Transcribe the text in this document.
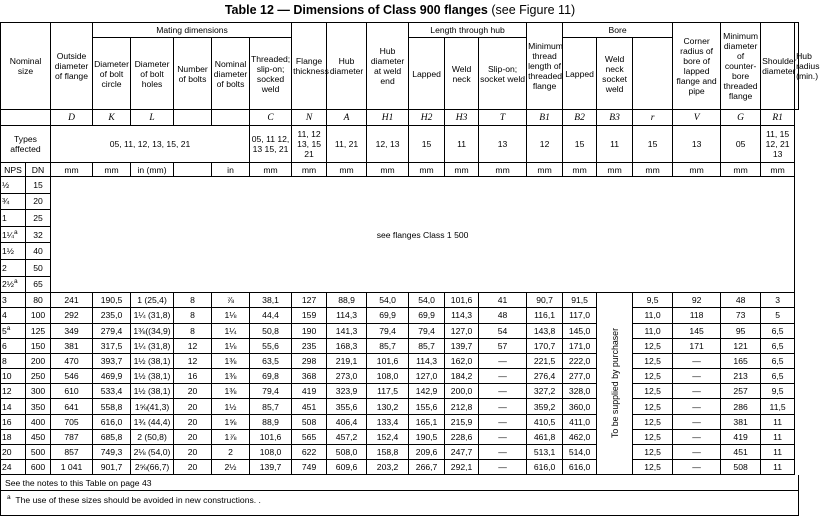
Table 12 — Dimensions of Class 900 flanges (see Figure 11)
Nominal size		Outside diameter of flange	Mating dimensions					Flange thickness	Hub diameter	Hub diameter at weld end	Length through hub			Minimum thread length of threaded flange	Bore			Corner radius of bore of lapped flange and pipe	Minimum diameter of counter-bore threaded flange	Shoulder diameter	Hub radius (min.)
			Diameter of bolt circle	Diameter of bolt holes	Number of bolts	Nominal diameter of bolts	Threaded; slip-on; socked weld				Lapped	Weld neck	Slip-on; socket weld		Lapped	Weld neck socket weld					
		D	K	L			C	N	A	H1	H2	H3	T	B1	B2	B3	r	V	G	R1	
Types affected		05, 11, 12, 13, 15, 21					05, 11 12, 13 15, 21	11, 12 13, 15 21	11, 21	12, 13	15	11	13	12	15	11	15	13	05	11, 15 12, 21 13	
NPS	DN	mm	mm	in (mm)		in	mm	mm	mm	mm	mm	mm	mm	mm	mm	mm	mm	mm	mm	mm	
½	15	see flanges Class 1 500																			
¾	20																				
1	25																				
1¼$^a$	32																				
1½	40																				
2	50																				
2½$^a$	65																				
3	80	241	190,5	1 (25,4)	8	⅞	38,1	127	88,9	54,0	54,0	101,6	41	90,7	91,5	To be supplied by purchaser	9,5	92	48	3	
4	100	292	235,0	1¼ (31,8)	8	1⅛	44,4	159	114,3	69,9	69,9	114,3	48	116,1	117,0		11,0	118	73	5	
5$^a$	125	349	279,4	1⅜((34,9)	8	1¼	50,8	190	141,3	79,4	79,4	127,0	54	143,8	145,0		11,0	145	95	6,5	
6	150	381	317,5	1¼ (31,8)	12	1⅛	55,6	235	168,3	85,7	85,7	139,7	57	170,7	171,0		12,5	171	121	6,5	
8	200	470	393,7	1½ (38,1)	12	1⅜	63,5	298	219,1	101,6	114,3	162,0	—	221,5	222,0		12,5	—	165	6,5	
10	250	546	469,9	1½ (38,1)	16	1⅜	69,8	368	273,0	108,0	127,0	184,2	—	276,4	277,0		12,5	—	213	6,5	
12	300	610	533,4	1½ (38,1)	20	1⅜	79,4	419	323,9	117,5	142,9	200,0	—	327,2	328,0		12,5	—	257	9,5	
14	350	641	558,8	1⅝(41,3)	20	1½	85,7	451	355,6	130,2	155,6	212,8	—	359,2	360,0		12,5	—	286	11,5	
16	400	705	616,0	1¾ (44,4)	20	1⅝	88,9	508	406,4	133,4	165,1	215,9	—	410,5	411,0		12,5	—	381	11	
18	450	787	685,8	2 (50,8)	20	1⅞	101,6	565	457,2	152,4	190,5	228,6	—	461,8	462,0		12,5	—	419	11	
20	500	857	749,3	2⅛ (54,0)	20	2	108,0	622	508,0	158,8	209,6	247,7	—	513,1	514,0		12,5	—	451	11	
24	600	1 041	901,7	2⅝(66,7)	20	2½	139,7	749	609,6	203,2	266,7	292,1	—	616,0	616,0		12,5	—	508	11	
See the notes to this Table on page 43
$^a$ The use of these sizes should be avoided in new constructions. .
